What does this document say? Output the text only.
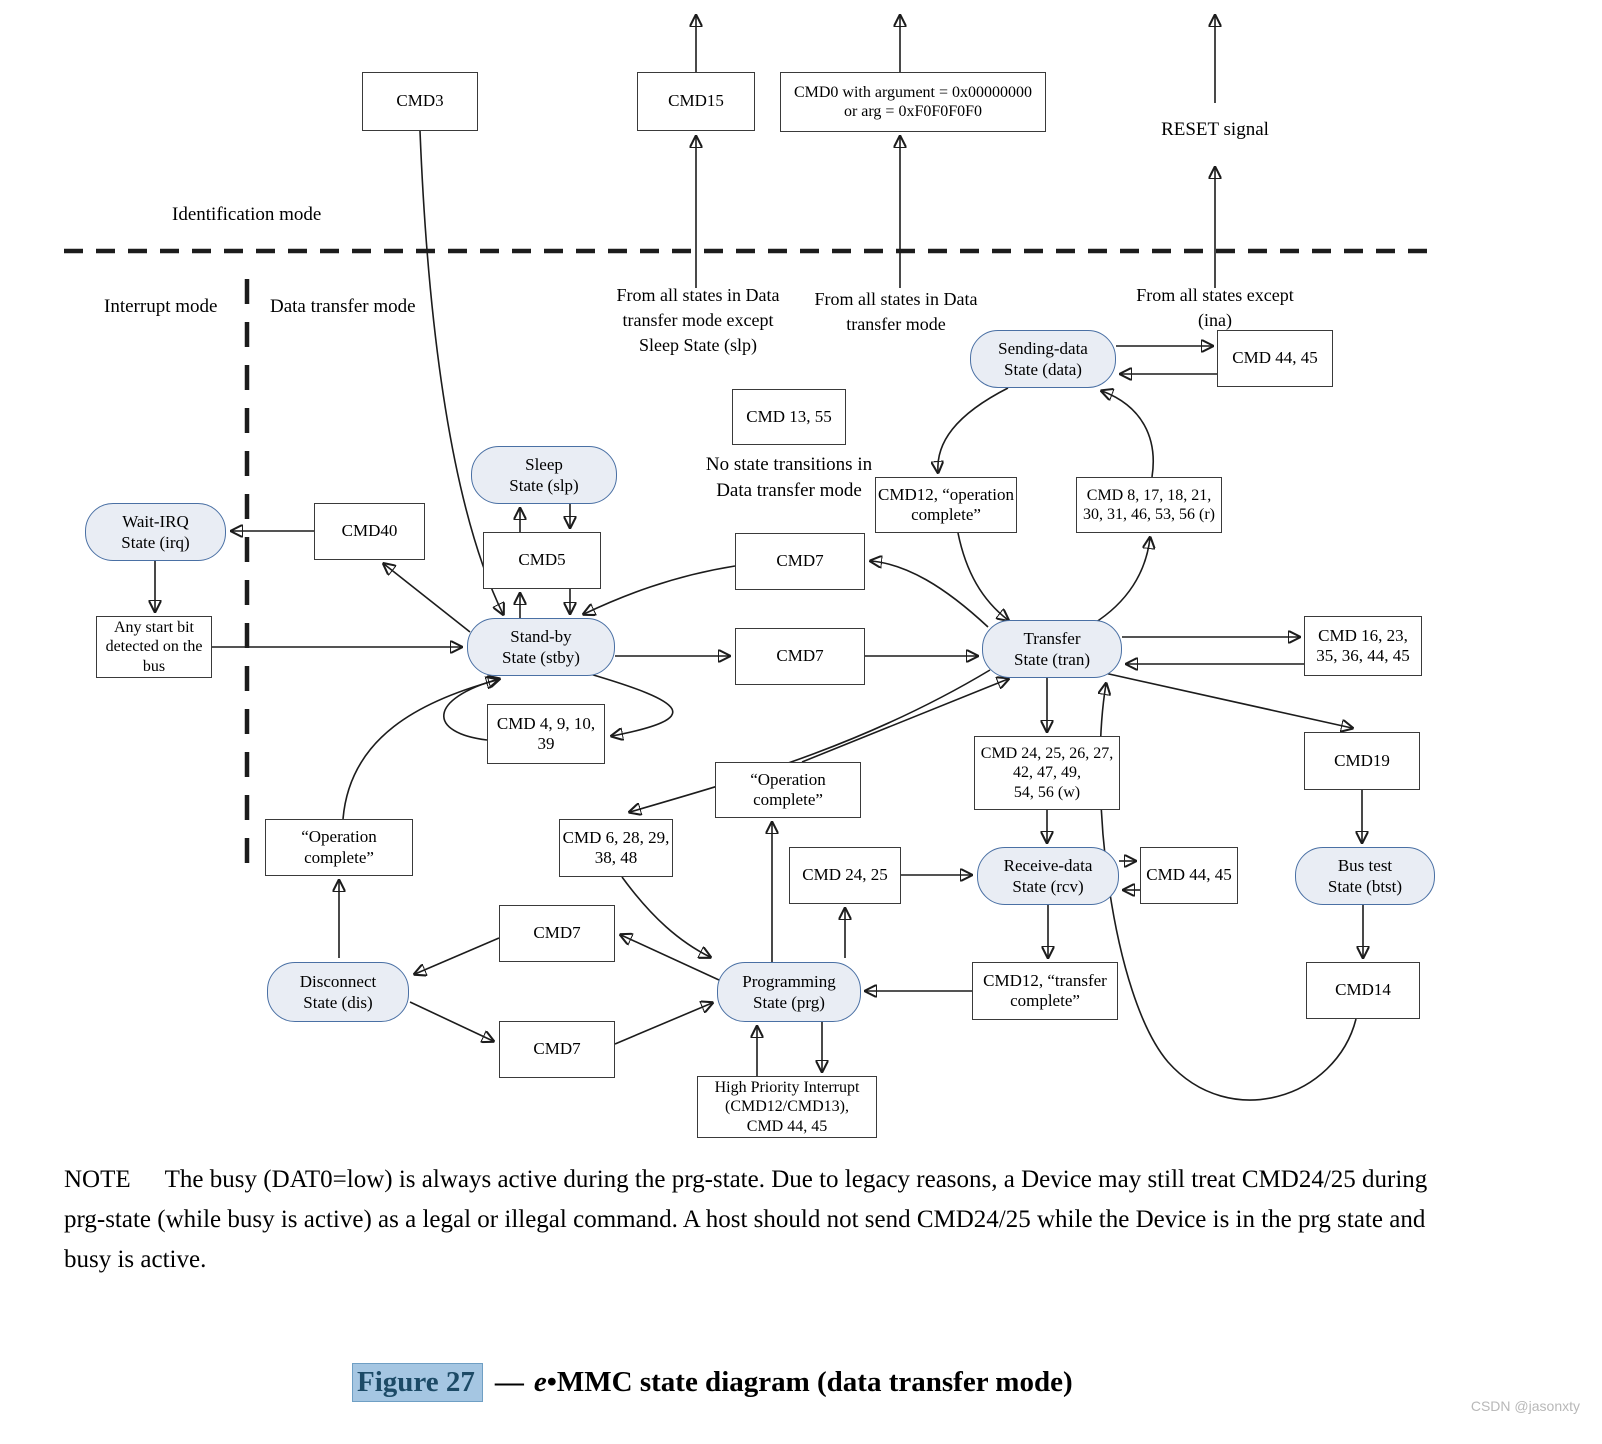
Identification mode
Interrupt mode	Data transfer mode
From all states in Data
transfer mode except
Sleep State (slp)
From all states in Data
transfer mode
From all states except
(ina)
RESET signal
No state transitions in
Data transfer mode
CMD3	CMD15	CMD0 with argument = 0x00000000
or arg = 0xF0F0F0F0
CMD 44, 45
CMD 13, 55
CMD12, “operation
complete”
CMD 8, 17, 18, 21,
30, 31, 46, 53, 56 (r)
CMD40
CMD5	CMD7
CMD7
Any start bit
detected on the
bus
CMD 16, 23,
35, 36, 44, 45
CMD 4, 9, 10,
39
CMD 24, 25, 26, 27,
42, 47, 49,
54, 56 (w)
CMD19
“Operation
complete”
“Operation
complete”
CMD 6, 28, 29,
38, 48
CMD 24, 25	CMD 44, 45
CMD7
CMD12, “transfer
complete”
CMD14
CMD7
High Priority Interrupt
(CMD12/CMD13),
CMD 44, 45
Sending-data
State (data)
Sleep
State (slp)
Wait-IRQ
State (irq)
Stand-by
State (stby)
Transfer
State (tran)
Receive-data
State (rcv)
Bus test
State (btst)
Disconnect
State (dis)
Programming
State (prg)
NOTE The busy (DAT0=low) is always active during the prg-state. Due to legacy reasons, a Device may still treat CMD24/25 during prg-state (while busy is active) as a legal or illegal command. A host should not send CMD24/25 while the Device is in the prg state and busy is active.
Figure 27 — e•MMC state diagram (data transfer mode)
CSDN @jasonxty
